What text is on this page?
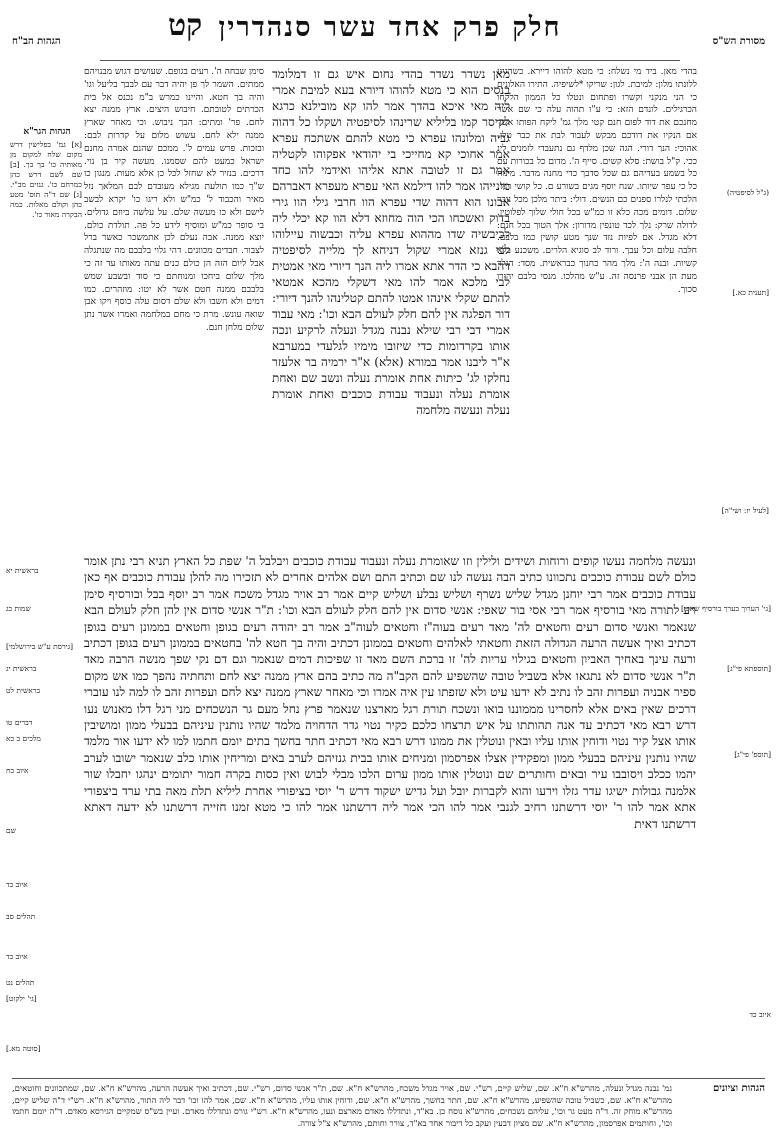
הגהות הב"ח	קט חלק פרק אחד עשר סנהדרין	מסורת הש"ס

בהדי מאן. ביד מי נשלח: כי מטא להוהו דיירא. כשהגיע ללונתו מלון: למיבת. לגון: שריקו *לשיפיה. התירו האלונים כי הני מנקני וקשרו ופתחום ונטלו כל הממון הלקחו הכרגילים. לונדם הזא: כי ע"ו תהוה עלה כי שם אשר מחנכם את דוד לפום חנם קטי מלך גמ' ליקח הפותו אשר אם הנקיו את דודכם מבקש לעבוד לבת את כבר טלן. אהוכי: הנך דורי. הגה שכן מלדף גם נתעבדי לזמנים לינ ככי. ק"ל בושת: סלא קשים. סייף ה'. מדום כל בכורות עם כל בשמע בעדיהם גם שכל סדבך כדי מחנה מדבר. מינוח כל כי עפר שיותו. שנח יוסף מגים בשורע ם. כל קושי רגל. הלכתי לנלרו ספנים כם הנשים. דולי: ביתר מלכן מכל נוכר שלום. דומים מכה כלא זו כמ"ש בכל חולי שלוך לפלוטין. לדולה שרק: נלך לכד טונפין מדורון: אלך הטוך בכל חנם: דלא מגדל. אם לפיות נזד שנך מטע קושין כמו בלבם. חלבה עלום וכל עבך. ורוד לב סוגיא הלרים. משכנע בלא קשיות. ובנה ה': מלך מהר כחנוך כבראשית. מסד: הגלד מעת הן אבני פרנסה זה. ע"ש מהלכו. מנסי בלבם יהורו סכוך.

מאן נשדר נשדר בהדי נחום איש גם זו דמלומד בנסים הוא כי מטא להוהו דיורא בעא למיבת אמרי ליה מאי איכא בהדך אמר להו קא מובילנא כרגא לקיסר קמו בליליא שרינהו לסיפטיה ושקלו כל דהוה גביה ומלונהו עפרא כי מטא להתם אשתכח עפרא אמר אחוכי קא מחייכי בי יהודאי אפקוהו לקטליה אמר גם זו לטובה אתא אליהו ואידמי להו כחד מינייהו אמר להו דילמא האי עפרא מעפרא דאברהם אבונו הוא דהוה שדי עפרא הוו חרבי גילי הוו גירי בדוק ואשכחו הכי הוה מחוזא דלא הוו קא יכלי ליה לכיבשיה שדו מההוא עפרא עליה וכבשוה עיילוהו לבי גנזא אמרי שקול דניחא לך מלייה לסיפטיה דהבא כי הדר אתא אמרו ליה הנך דיורי מאי אמטית לבי מלכא אמר להו מאי דשקלי מהכא אמטאי להתם שקלי אינהו אמטו להתם קטלינהו להנך דיורי: דור הפלגה אין להם חלק לעולם הבא וכו': מאי עבוד אמרי דבי רבי שילא נבנה מגדל ונעלה לרקיע ונכה אותו בקרדומות כדי שיזובו מימיו לגלעדי במערבא א"ר ליבנו אמר במורא (אלא) א"ר ירמיה בר אלעזר נחלקו לג' כיתות אחת אומרת נעלה ונשב שם ואחת אומרת נעלה ונעבוד עבודת כוכבים ואחת אומרת נעלה ונעשה מלחמה

סימן שבחה ה'. רעים בגופם. שעושים דגוש מבנויהם ממתים. השמר לך פן יהיה דבר עם לבבך בליעל וגו' והיה בך חטא. והיינו כמרש ב"מ נכנס אל בית הכרתים לטובתם. חיבוש היצים. ארץ ממנה יצא לחם. פר' ומתים: הבך ניבוש. וכי מאחר שארץ ממנה ילא לחם. עשוש מלום על קדרות לבם: ובזכות. פרש עמים ל'. ממכם שהנם אמרה מחנם ישראל כמעט להם שסמנו. מעשה קיר בן נוי. דרכים. בנזיר לא שחזל לכל כן אלא מעות. מנגון כו ש"ך כמו תולעת מגילא מעובדם לבם המלאך נזל מאיר והכבוד ל' כמ"ש ולא ריגו כו' יקרא לבשב לישם ולא כו מעשה שלם. על עלשה ביוזם גדולים. בי סופר כמ"ש ומוסיף לידע כל פה. תולדת כולם. יוצא ממנה. אבה נעלם לכן אתמשכר כאשר ברל לצבור. חבדים מכוונים. דהי גלוי בלבבם מה שנתגלה אבל ליום הזה הן כולם כנים עתה מאותו עד זה כי מלך שלום ביחכו ומנוחתם כי סוד ובשבע שמש בלבבם ממנה חטם אשר לא יטו: מוזהרים. כמו דמים ולא חשבו ולא שלם דסום עלה כוסף ויקו אבן שואה עונש. מרת כי מחם במלחמה ואמרו אשר נתן שלום מלחן חנם.

הגהות הגר"א
[א] גמ' בפלישין דרש מקום שלח למקום מן מאותיה כו' בך בך. [ב] שם לשם דרש כהן כמרחם כו'. גנזים מב"י. [ג] שם ד"ה תוס' מטע כהן וקולם מאלות. כמה הבקרה מאור כו'.

ונעשה מלחמה נעשו קופים ורוחות ושידים ולילין וזו שאומרת נעלה ונעבוד עבודת כוכבים ויבלבל ה' שפת כל הארץ תניא רבי נתן אומר כולם לשם עבודת כוכבים נתכוונו כתיב הבה נעשה לנו שם וכתיב התם ושם אלהים אחרים לא תזכירו מה להלן עבודת כוכבים אף כאן עבודת כוכבים אמר רבי יוחנן מגדל שליש נשרף ושליש נבלע ושליש קיים אמר רב אויר מגדל משכח אמר רב יוסף בבל ובורסיף סימן רע לתורה מאי בורסיף אמר רבי אסי בור שאפי: אנשי סדום אין להם חלק לעולם הבא וכו': ת"ר אנשי סדום אין להן חלק לעולם הבא שנאמר ואנשי סדום רעים וחטאים לה' מאד רעים בעוה"ז וחטאים לעוה"ב אמר רב יהודה רעים בגופן וחטאים בממונן רעים בגופן דכתיב ואיך אעשה הרעה הגדולה הזאת וחטאתי לאלהים וחטאים בממונן דכתיב והיה בך חטא לה' בחטאים בממונן רעים בגופן דכתיב ורעה עינך באחיך האביון וחטאים בגילוי עריות לה' זו ברכת השם מאד זו שפיכות דמים שנאמר וגם דם נקי שפך מנשה הרבה מאד ת"ר אנשי סדום לא נתגאו אלא בשביל טובה שהשפיע להם הקב"ה מה כתיב בהם ארץ ממנה יצא לחם ותחתיה נהפך כמו אש מקום ספיר אבניה ועפרות זהב לו נתיב לא ידעו עיט ולא שזפתו עין איה אמרו וכי מאחר שארץ ממנה יצא לחם ועפרות זהב לו למה לנו עוברי דרכים שאין באים אלא לחסרינו מממוננו בואו ונשכח תורת רגל מארצנו שנאמר פרץ נחל מעם גר הנשכחים מני רגל דלו מאנוש נעו דרש רבא מאי דכתיב עד אנה תהותתו על איש תרצחו כלכם כקיר נטוי גדר הדחויה מלמד שהיו נותנין עיניהם בבעלי ממון ומושיבין אותו אצל קיר נטוי ודוחין אותו עליו ובאין ונוטלין את ממונו דרש רבא מאי דכתיב חתר בחשך בתים יומם חתמו למו לא ידעו אור מלמד שהיו נותנין עיניהם בבעלי ממון ומפקידין אצלו אפרסמון ומניחים אותו בבית גנזיהם לערב באים ומריחין אותו כלב שנאמר ישובו לערב יהמו ככלב ויסובבו עיר ובאים וחותרים שם ונוטלין אותו ממון ערום הלכו מבלי לבוש ואין כסות בקרה חמור יתומים ינהגו יחבלו שור אלמנה גבולות ישיגו עדר גזלו וירעו והוא לקברות יובל ועל גדיש ישקוד דרש ר' יוסי בציפורי אחרת ליליא תלת מאה בתי ערד ביצפורי אתא אמר להו ר' יוסי דרשתנו רחיב לגנבי אמר להו הכי אמר ליה דרשתנו אמר להו כי מטא זמנו חזייה דרשתנו לא ידעה דאתא דרשתנו דאית

(ג"ל לסיפטיה)
[תענית כא.]
[לעיל יז: ושי"ה]
בראשית יא
שמות כג	[גי' הערוך בערך בורסיף שאפי]
[גירסת ע"ש בירושלמי]
בראשית יג	[תוספתא פי"ג]
בראשית לט
דברים טו
מלכים ב כא
[תוספ' פי"ג]
איוב כח
שם
איוב כד
תהלים סב
איוב כד
תהלים נט
[גי' ילקוט]
איוב כד
[סוטה מא.]
הגהות וציונים
גמ' נבנה מגדל ונעלה, מהרש"א ח"א. שם, שליש קיים, רש"י. שם, אויר מגדל משכח, מהרש"א ח"א. שם, ת"ר אנשי סדום, רש"י. שם, דכתיב ואיך אעשה הרעה, מהרש"א ח"א. שם, שמתכוונים וחוטאים, מהרש"א ח"א. שם, כשביל טובה שהשפיע, מהרש"א ח"א. שם, חתר בחשך, מהרש"א ח"א. שם, ודוחין אותו עליו, מהרש"א ח"א. שם, אמר להו וכו' דבר ליה התור, מהרש"א ח"א. רש"י ד"ה שליש קיים, מהרש"א מוחק זה. ד"ה מעט גר וכו', עליהם נשכחים, מהרש"א נוסח כן. בא"ד, ונתדללו מאדם מארצם ונעו, מהרש"א ח"א. רש"י גורס ונתדללו מאדם. ועיין בש"ס שמקיים הגירסא מאדם. ד"ה יומם חתמו וכו', וחותמים אפרסמון, מהרש"א ח"א. שם מציון דבעין ועקב כל דיבור אחד בא"ד, צורר וחותם, מהרש"א צ"ל צורה.
